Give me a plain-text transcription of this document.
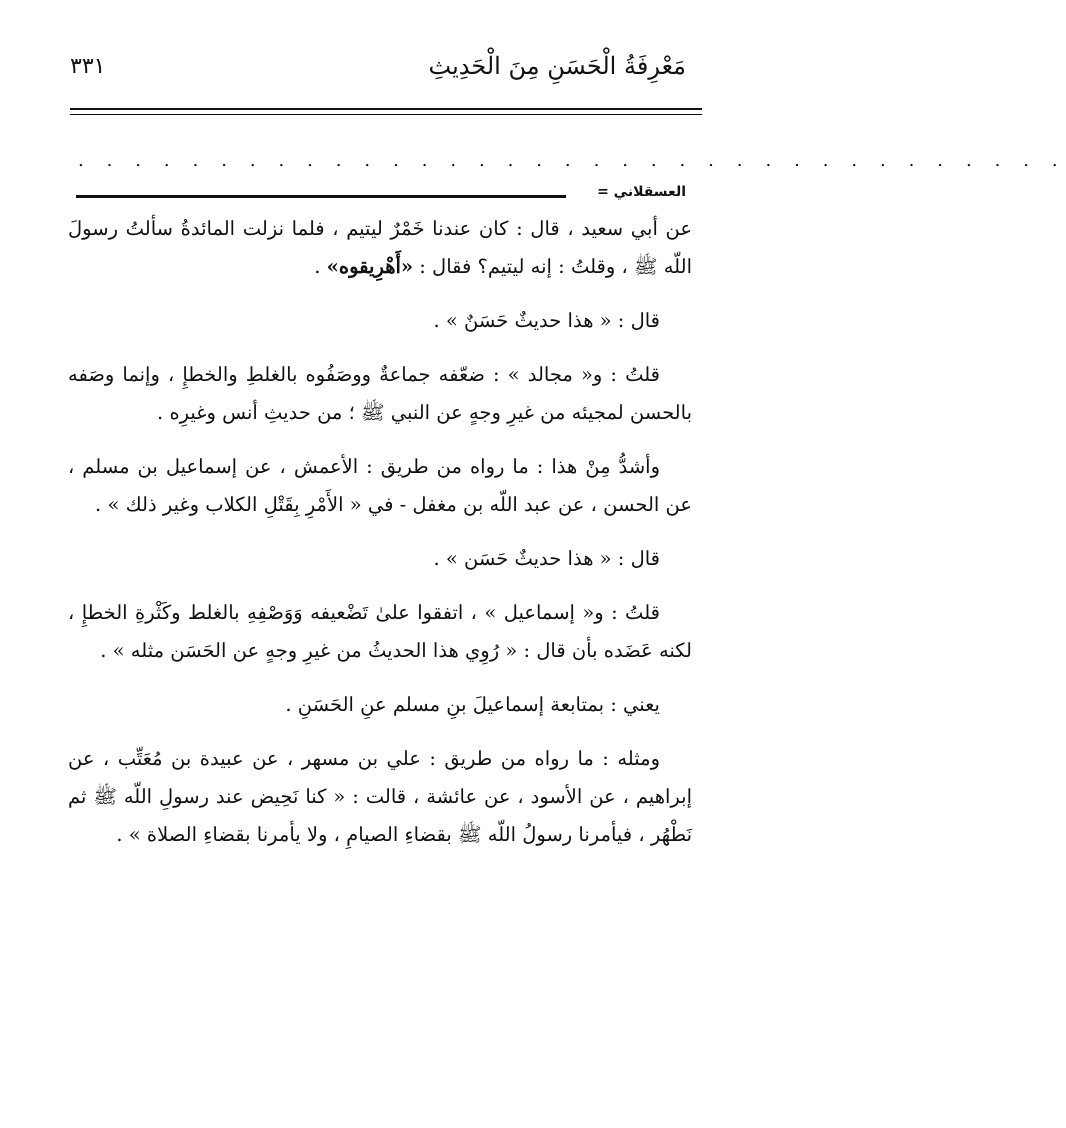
مَعْرِفَةُ الْحَسَنِ مِنَ الْحَدِيثِ
٣٣١
. . . . . . . . . . . . . . . . . . . . . . . . . . . . . . . . . . .
العسقلاني =

عن أبي سعيد ، قال : كان عندنا خَمْرٌ ليتيم ، فلما نزلت المائدةُ سألتُ رسولَ اللّه ﷺ ، وقلتُ : إنه ليتيم؟ فقال : «أَهْرِيقوه» .

قال : « هذا حديثٌ حَسَنٌ » .

قلتُ : و« مجالد » : ضعّفه جماعةٌ ووصَفُوه بالغلطِ والخطإِ ، وإنما وصَفه بالحسن لمجيئه من غيرِ وجهٍ عن النبي ﷺ ؛ من حديثِ أنس وغيرِه .

وأشدُّ مِنْ هذا : ما رواه من طريق : الأعمش ، عن إسماعيل بن مسلم ، عن الحسن ، عن عبد اللّه بن مغفل - في « الأَمْرِ بِقَتْلِ الكلاب وغير ذلك » .

قال : « هذا حديثٌ حَسَن » .

قلتُ : و« إسماعيل » ، اتفقوا علىٰ تَضْعيفه وَوَصْفِهِ بالغلط وكَثْرةِ الخطإِ ، لكنه عَضَده بأن قال : « رُوِي هذا الحديثُ من غيرِ وجهٍ عن الحَسَن مثله » .

يعني : بمتابعة إسماعيلَ بنِ مسلم عنِ الحَسَنِ .

ومثله : ما رواه من طريق : علي بن مسهر ، عن عبيدة بن مُعَتِّب ، عن إبراهيم ، عن الأسود ، عن عائشة ، قالت : « كنا نَحِيض عند رسولِ اللّه ﷺ ثم نَطْهُر ، فيأمرنا رسولُ اللّه ﷺ بقضاءِ الصيامِ ، ولا يأمرنا بقضاءِ الصلاة » .
